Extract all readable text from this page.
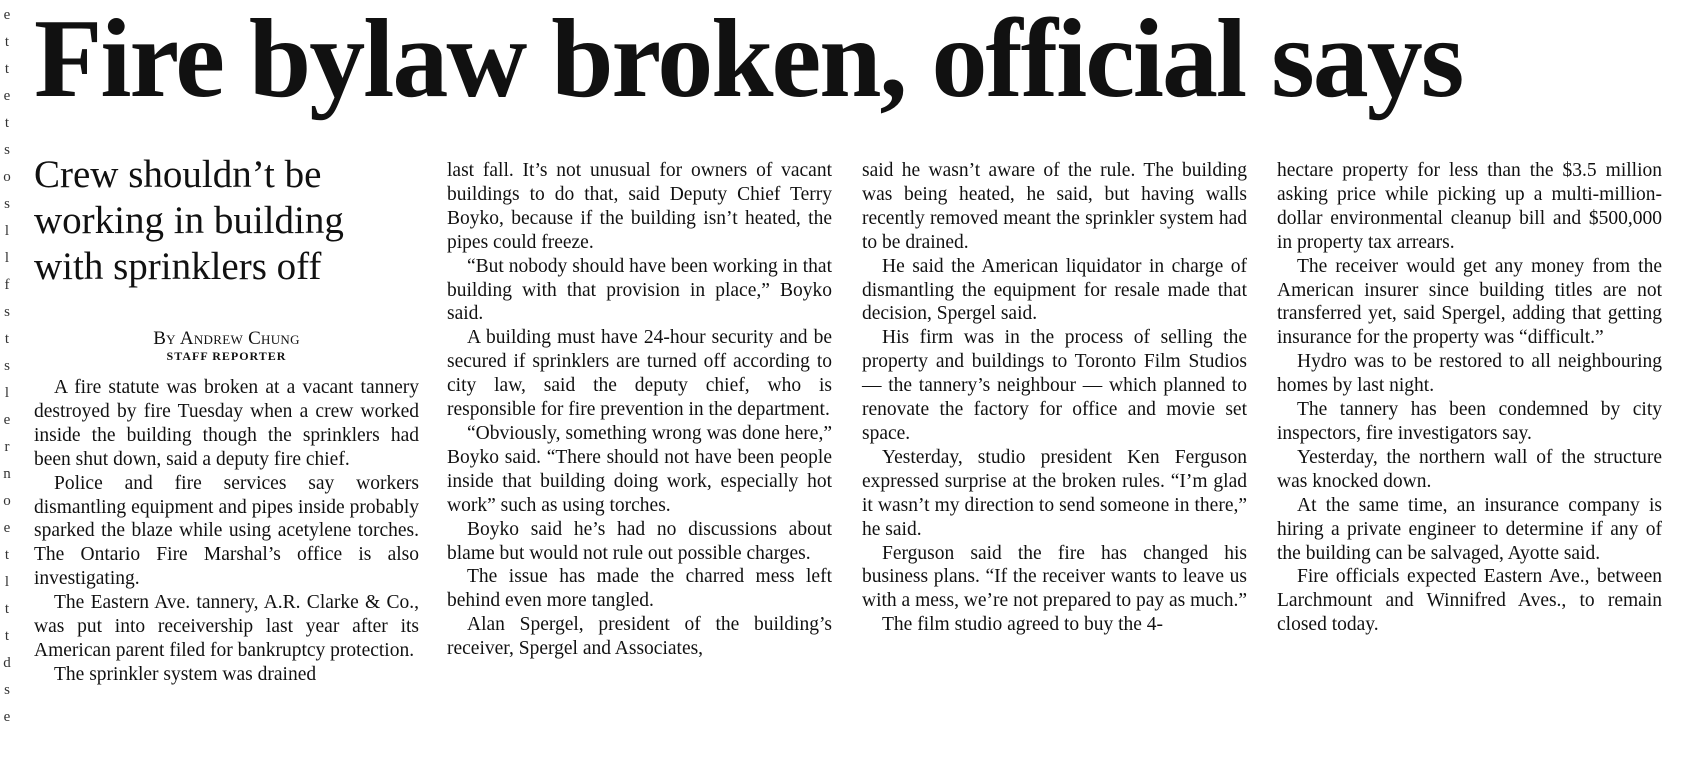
e
t
t
e
t
s
o
s
l
l
f
s
t
s
l
e
r
n
o
e
t
l
t
t
d
s
e
Fire bylaw broken, official says
Crew shouldn’t be working in building with sprinklers off
By Andrew Chung
STAFF REPORTER

A fire statute was broken at a vacant tannery destroyed by fire Tuesday when a crew worked inside the building though the sprinklers had been shut down, said a deputy fire chief.

Police and fire services say workers dismantling equipment and pipes inside probably sparked the blaze while using acetylene torches. The Ontario Fire Marshal’s office is also investigating.

The Eastern Ave. tannery, A.R. Clarke & Co., was put into receivership last year after its American parent filed for bankruptcy protection.

The sprinkler system was drained

last fall. It’s not unusual for owners of vacant buildings to do that, said Deputy Chief Terry Boyko, because if the building isn’t heated, the pipes could freeze.

“But nobody should have been working in that building with that provision in place,” Boyko said.

A building must have 24-hour security and be secured if sprinklers are turned off according to city law, said the deputy chief, who is responsible for fire prevention in the department.

“Obviously, something wrong was done here,” Boyko said. “There should not have been people inside that building doing work, especially hot work” such as using torches.

Boyko said he’s had no discussions about blame but would not rule out possible charges.

The issue has made the charred mess left behind even more tangled.

Alan Spergel, president of the building’s receiver, Spergel and Associates,

said he wasn’t aware of the rule. The building was being heated, he said, but having walls recently removed meant the sprinkler system had to be drained.

He said the American liquidator in charge of dismantling the equipment for resale made that decision, Spergel said.

His firm was in the process of selling the property and buildings to Toronto Film Studios — the tannery’s neighbour — which planned to renovate the factory for office and movie set space.

Yesterday, studio president Ken Ferguson expressed surprise at the broken rules. “I’m glad it wasn’t my direction to send someone in there,” he said.

Ferguson said the fire has changed his business plans. “If the receiver wants to leave us with a mess, we’re not prepared to pay as much.”

The film studio agreed to buy the 4-

hectare property for less than the $3.5 million asking price while picking up a multi-million-dollar environmental cleanup bill and $500,000 in property tax arrears.

The receiver would get any money from the American insurer since building titles are not transferred yet, said Spergel, adding that getting insurance for the property was “difficult.”

Hydro was to be restored to all neighbouring homes by last night.

The tannery has been condemned by city inspectors, fire investigators say.

Yesterday, the northern wall of the structure was knocked down.

At the same time, an insurance company is hiring a private engineer to determine if any of the building can be salvaged, Ayotte said.

Fire officials expected Eastern Ave., between Larchmount and Winnifred Aves., to remain closed today.
